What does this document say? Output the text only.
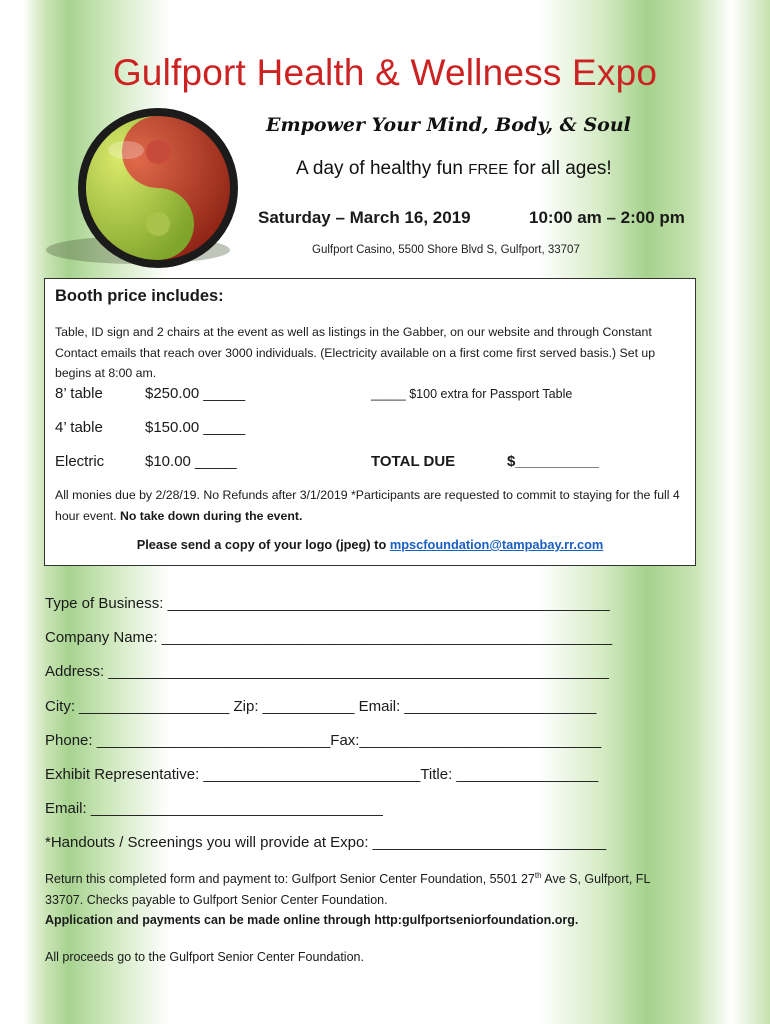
Gulfport Health & Wellness Expo
Empower Your Mind, Body, & Soul
A day of healthy fun FREE for all ages!
Saturday – March 16, 2019	10:00 am – 2:00 pm
Gulfport Casino, 5500 Shore Blvd S, Gulfport, 33707
Booth price includes:
Table, ID sign and 2 chairs at the event as well as listings in the Gabber, on our website and through Constant Contact emails that reach over 3000 individuals. (Electricity available on a first come first served basis.) Set up begins at 8:00 am.
8’ table	$250.00 _____	_____ $100 extra for Passport Table
4’ table	$150.00 _____
Electric	$10.00 _____	TOTAL DUE	$__________
All monies due by 2/28/19. No Refunds after 3/1/2019 *Participants are requested to commit to staying for the full 4 hour event. No take down during the event.
Please send a copy of your logo (jpeg) to mpscfoundation@tampabay.rr.com
Type of Business: _____________________________________________________
Company Name: ______________________________________________________
Address: ____________________________________________________________
City: __________________ Zip: ___________ Email: _______________________
Phone: ____________________________Fax:_____________________________
Exhibit Representative: __________________________Title: _________________
Email: ___________________________________
*Handouts / Screenings you will provide at Expo: ____________________________
Return this completed form and payment to: Gulfport Senior Center Foundation, 5501 27th Ave S, Gulfport, FL 33707. Checks payable to Gulfport Senior Center Foundation.
Application and payments can be made online through http:gulfportseniorfoundation.org.
All proceeds go to the Gulfport Senior Center Foundation.
